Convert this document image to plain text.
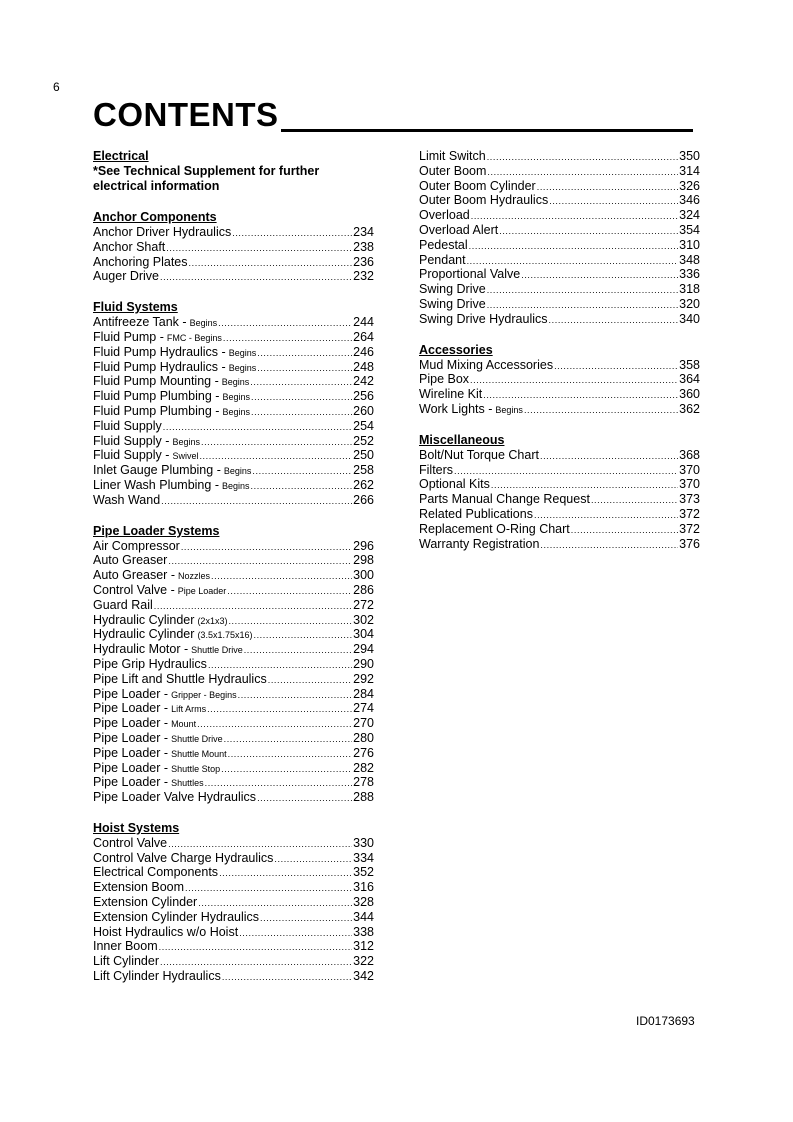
6
CONTENTS
Electrical
*See Technical Supplement for further electrical information
Anchor Components
Anchor Driver Hydraulics .....	234
Anchor Shaft .....	238
Anchoring Plates .....	236
Auger Drive .....	232
Fluid Systems
Antifreeze Tank - Begins .....	244
Fluid Pump - FMC - Begins .....	264
Fluid Pump Hydraulics - Begins .....	246
Fluid Pump Hydraulics - Begins .....	248
Fluid Pump Mounting - Begins .....	242
Fluid Pump Plumbing - Begins .....	256
Fluid Pump Plumbing - Begins .....	260
Fluid Supply .....	254
Fluid Supply - Begins .....	252
Fluid Supply - Swivel .....	250
Inlet Gauge Plumbing - Begins .....	258
Liner Wash Plumbing - Begins .....	262
Wash Wand .....	266
Pipe Loader Systems
Air Compressor .....	296
Auto Greaser .....	298
Auto Greaser - Nozzles .....	300
Control Valve - Pipe Loader .....	286
Guard Rail .....	272
Hydraulic Cylinder (2x1x3) .....	302
Hydraulic Cylinder (3.5x1.75x16) .....	304
Hydraulic Motor - Shuttle Drive .....	294
Pipe Grip Hydraulics .....	290
Pipe Lift and Shuttle Hydraulics .....	292
Pipe Loader - Gripper - Begins .....	284
Pipe Loader - Lift Arms .....	274
Pipe Loader - Mount .....	270
Pipe Loader - Shuttle Drive .....	280
Pipe Loader - Shuttle Mount .....	276
Pipe Loader - Shuttle Stop .....	282
Pipe Loader - Shuttles .....	278
Pipe Loader Valve Hydraulics .....	288
Hoist Systems
Control Valve .....	330
Control Valve Charge Hydraulics .....	334
Electrical Components .....	352
Extension Boom .....	316
Extension Cylinder .....	328
Extension Cylinder Hydraulics .....	344
Hoist Hydraulics w/o Hoist .....	338
Inner Boom .....	312
Lift Cylinder .....	322
Lift Cylinder Hydraulics .....	342
Limit Switch .....	350
Outer Boom .....	314
Outer Boom Cylinder .....	326
Outer Boom Hydraulics .....	346
Overload .....	324
Overload Alert .....	354
Pedestal .....	310
Pendant .....	348
Proportional Valve .....	336
Swing Drive .....	318
Swing Drive .....	320
Swing Drive Hydraulics .....	340
Accessories
Mud Mixing Accessories .....	358
Pipe Box .....	364
Wireline Kit .....	360
Work Lights - Begins .....	362
Miscellaneous
Bolt/Nut Torque Chart .....	368
Filters .....	370
Optional Kits .....	370
Parts Manual Change Request .....	373
Related Publications .....	372
Replacement O-Ring Chart .....	372
Warranty Registration .....	376
ID0173693
